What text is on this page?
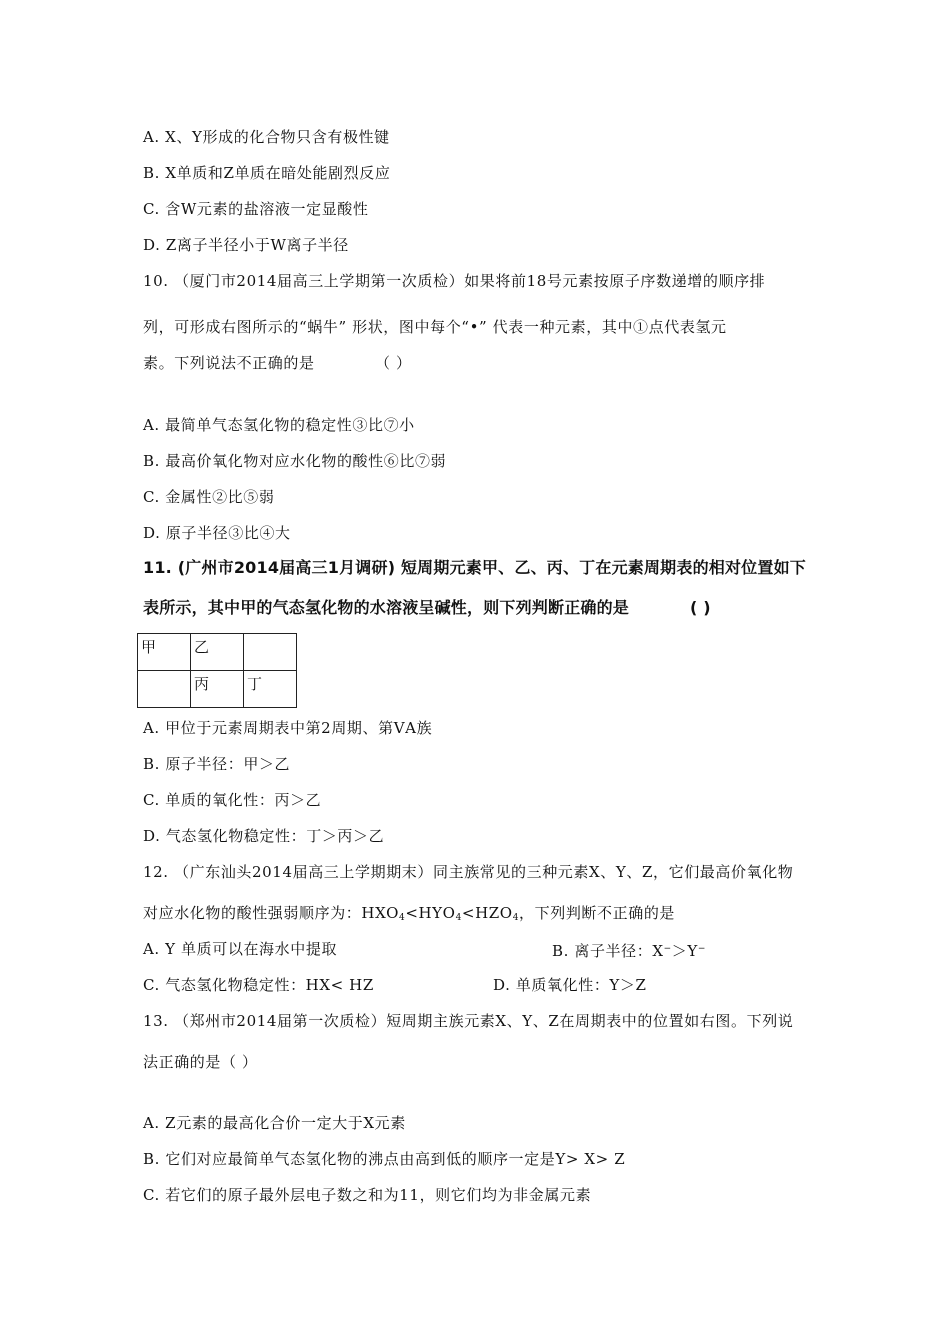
A. X、Y形成的化合物只含有极性键
B. X单质和Z单质在暗处能剧烈反应
C. 含W元素的盐溶液一定显酸性
D. Z离子半径小于W离子半径
10. （厦门市2014届高三上学期第一次质检）如果将前18号元素按原子序数递增的顺序排
列，可形成右图所示的“蜗牛” 形状，图中每个“•” 代表一种元素，其中①点代表氢元
素。下列说法不正确的是	（ ）
A. 最简单气态氢化物的稳定性③比⑦小
B. 最高价氧化物对应水化物的酸性⑥比⑦弱
C. 金属性②比⑤弱
D. 原子半径③比④大
11. (广州市2014届高三1月调研) 短周期元素甲、乙、丙、丁在元素周期表的相对位置如下
表所示，其中甲的气态氢化物的水溶液呈碱性，则下列判断正确的是	( )
甲	乙	
	丙	丁
A. 甲位于元素周期表中第2周期、第ⅤA族
B. 原子半径：甲＞乙
C. 单质的氧化性：丙＞乙
D. 气态氢化物稳定性：丁＞丙＞乙
12. （广东汕头2014届高三上学期期末）同主族常见的三种元素X、Y、Z，它们最高价氧化物
对应水化物的酸性强弱顺序为：$HXO_4<HYO_4<HZO_4$，下列判断不正确的是
A. Y 单质可以在海水中提取	B. 离子半径：X−＞Y−
C. 气态氢化物稳定性：HX< HZ	D. 单质氧化性：Y＞Z
13. （郑州市2014届第一次质检）短周期主族元素X、Y、Z在周期表中的位置如右图。下列说
法正确的是（ ）
A. Z元素的最高化合价一定大于X元素
B. 它们对应最简单气态氢化物的沸点由高到低的顺序一定是Y> X> Z
C. 若它们的原子最外层电子数之和为11，则它们均为非金属元素
